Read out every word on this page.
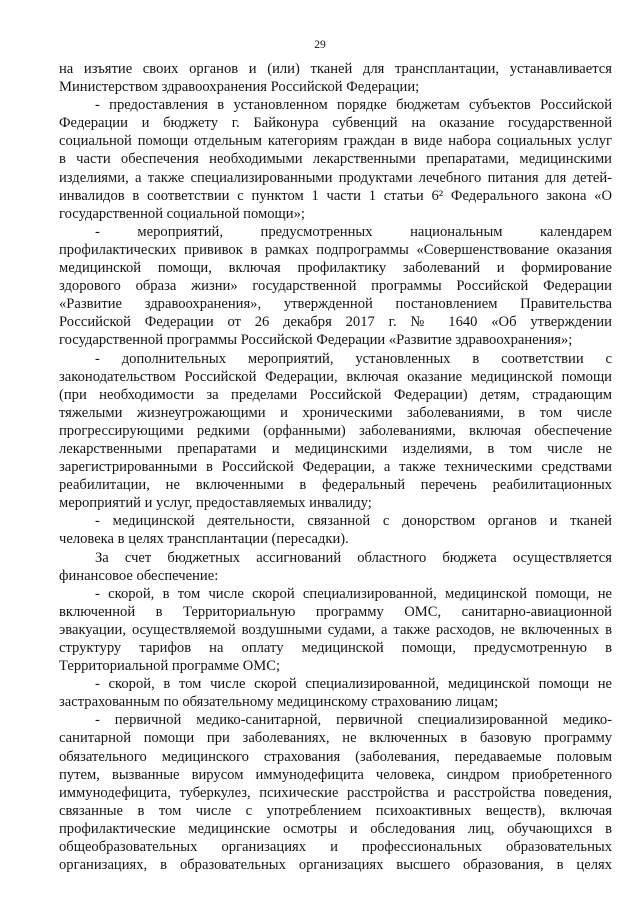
29
на изъятие своих органов и (или) тканей для трансплантации, устанавливается
Министерством здравоохранения Российской Федерации;
- предоставления в установленном порядке бюджетам субъектов Российской
Федерации и бюджету г. Байконура субвенций на оказание государственной
социальной помощи отдельным категориям граждан в виде набора социальных услуг
в части обеспечения необходимыми лекарственными препаратами, медицинскими
изделиями, а также специализированными продуктами лечебного питания для детей-
инвалидов в соответствии с пунктом 1 части 1 статьи 6² Федерального закона «О
государственной социальной помощи»;
- мероприятий, предусмотренных национальным календарем
профилактических прививок в рамках подпрограммы «Совершенствование оказания
медицинской помощи, включая профилактику заболеваний и формирование
здорового образа жизни» государственной программы Российской Федерации
«Развитие здравоохранения», утвержденной постановлением Правительства
Российской Федерации от 26 декабря 2017 г. № 1640 «Об утверждении
государственной программы Российской Федерации «Развитие здравоохранения»;
- дополнительных мероприятий, установленных в соответствии с
законодательством Российской Федерации, включая оказание медицинской помощи
(при необходимости за пределами Российской Федерации) детям, страдающим
тяжелыми жизнеугрожающими и хроническими заболеваниями, в том числе
прогрессирующими редкими (орфанными) заболеваниями, включая обеспечение
лекарственными препаратами и медицинскими изделиями, в том числе не
зарегистрированными в Российской Федерации, а также техническими средствами
реабилитации, не включенными в федеральный перечень реабилитационных
мероприятий и услуг, предоставляемых инвалиду;
- медицинской деятельности, связанной с донорством органов и тканей
человека в целях трансплантации (пересадки).
За счет бюджетных ассигнований областного бюджета осуществляется
финансовое обеспечение:
- скорой, в том числе скорой специализированной, медицинской помощи, не
включенной в Территориальную программу ОМС, санитарно-авиационной
эвакуации, осуществляемой воздушными судами, а также расходов, не включенных в
структуру тарифов на оплату медицинской помощи, предусмотренную в
Территориальной программе ОМС;
- скорой, в том числе скорой специализированной, медицинской помощи не
застрахованным по обязательному медицинскому страхованию лицам;
- первичной медико-санитарной, первичной специализированной медико-
санитарной помощи при заболеваниях, не включенных в базовую программу
обязательного медицинского страхования (заболевания, передаваемые половым
путем, вызванные вирусом иммунодефицита человека, синдром приобретенного
иммунодефицита, туберкулез, психические расстройства и расстройства поведения,
связанные в том числе с употреблением психоактивных веществ), включая
профилактические медицинские осмотры и обследования лиц, обучающихся в
общеобразовательных организациях и профессиональных образовательных
организациях, в образовательных организациях высшего образования, в целях
